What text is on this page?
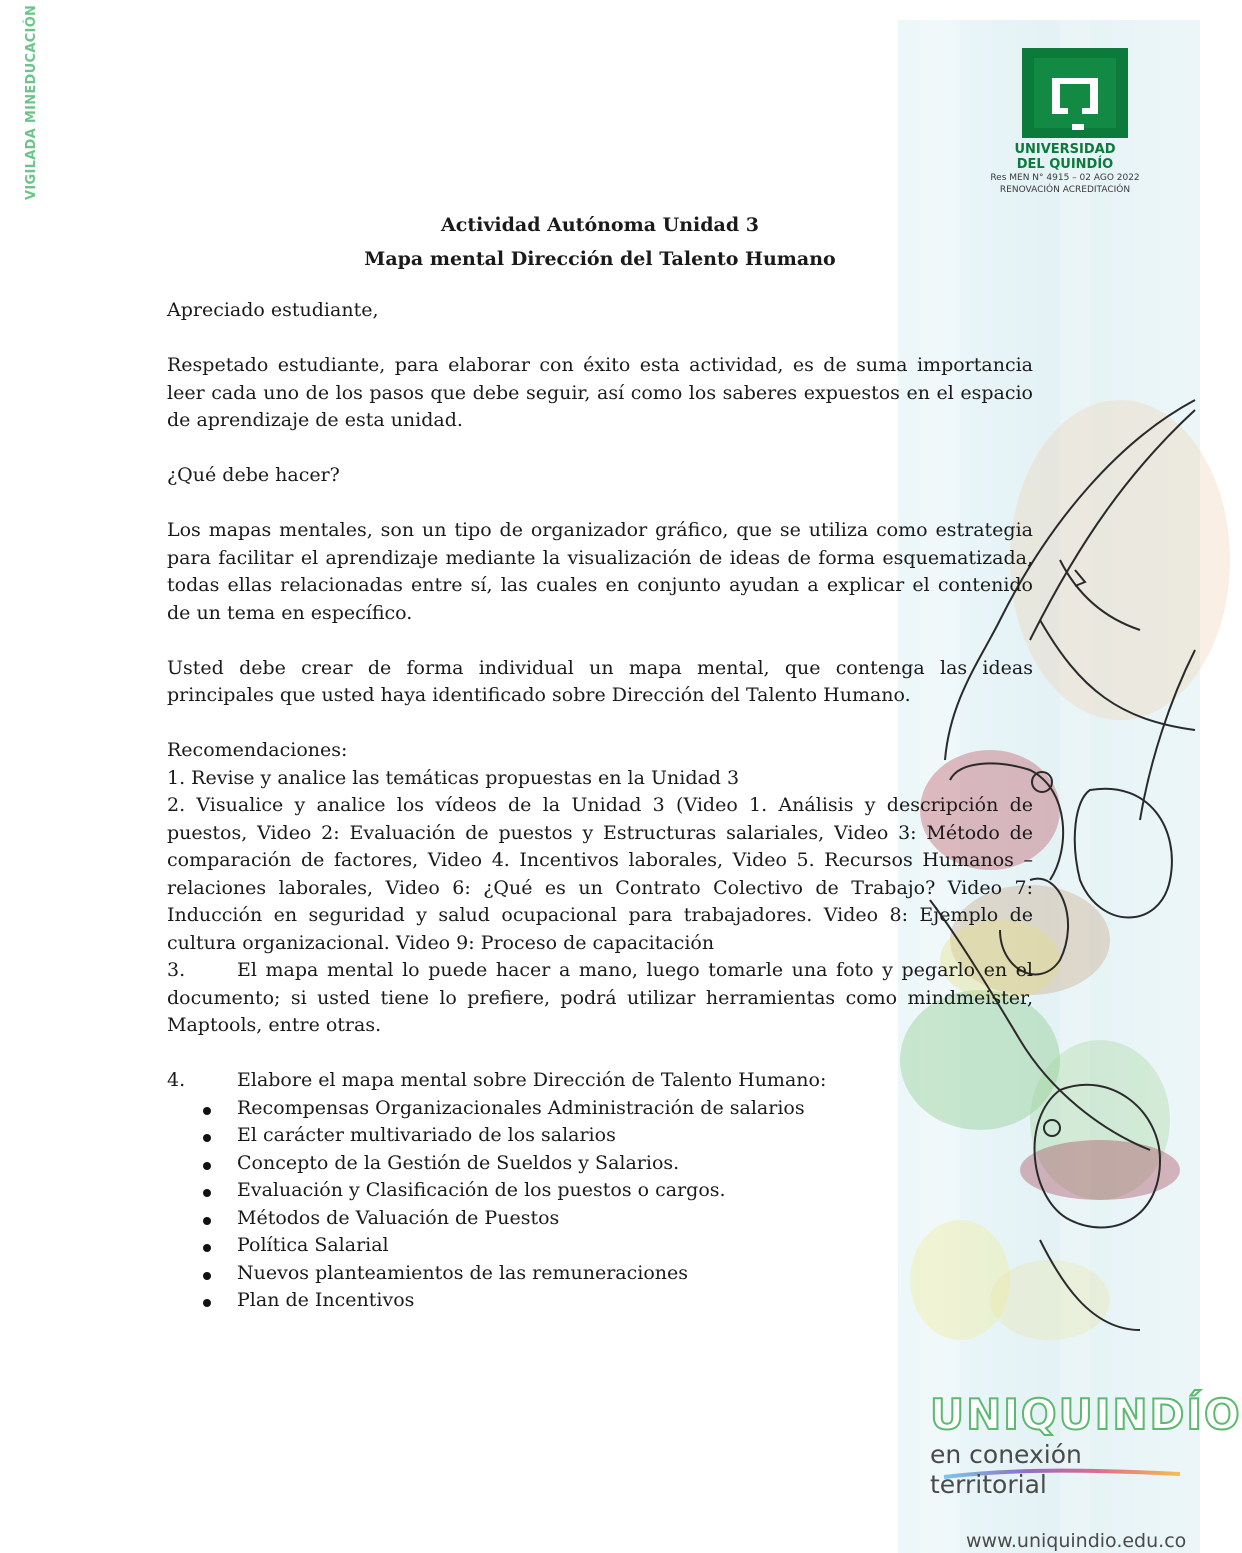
VIGILADA MINEDUCACIÓN	UNIVERSIDAD
DEL QUINDÍO
Res MEN N° 4915 – 02 AGO 2022
RENOVACIÓN ACREDITACIÓN

Actividad Autónoma Unidad 3

Mapa mental Dirección del Talento Humano

Apreciado estudiante,

Respetado estudiante, para elaborar con éxito esta actividad, es de suma importancia leer cada uno de los pasos que debe seguir, así como los saberes expuestos en el espacio de aprendizaje de esta unidad.

¿Qué debe hacer?

Los mapas mentales, son un tipo de organizador gráfico, que se utiliza como estrategia para facilitar el aprendizaje mediante la visualización de ideas de forma esquematizada, todas ellas relacionadas entre sí, las cuales en conjunto ayudan a explicar el contenido de un tema en específico.

Usted debe crear de forma individual un mapa mental, que contenga las ideas principales que usted haya identificado sobre Dirección del Talento Humano.

Recomendaciones:

1. Revise y analice las temáticas propuestas en la Unidad 3

2. Visualice y analice los vídeos de la Unidad 3 (Video 1. Análisis y descripción de puestos, Video 2: Evaluación de puestos y Estructuras salariales, Video 3: Método de comparación de factores, Video 4. Incentivos laborales, Video 5. Recursos Humanos – relaciones laborales, Video 6: ¿Qué es un Contrato Colectivo de Trabajo? Video 7: Inducción en seguridad y salud ocupacional para trabajadores. Video 8: Ejemplo de cultura organizacional. Video 9: Proceso de capacitación

3.	El mapa mental lo puede hacer a mano, luego tomarle una foto y pegarlo en el documento; si usted tiene lo prefiere, podrá utilizar herramientas como mindmeister, Maptools, entre otras.
4.	Elabore el mapa mental sobre Dirección de Talento Humano:
Recompensas Organizacionales Administración de salarios
El carácter multivariado de los salarios
Concepto de la Gestión de Sueldos y Salarios.
Evaluación y Clasificación de los puestos o cargos.
Métodos de Valuación de Puestos
Política Salarial
Nuevos planteamientos de las remuneraciones
Plan de Incentivos
UNIQUINDÍO
en conexión territorial
www.uniquindio.edu.co
